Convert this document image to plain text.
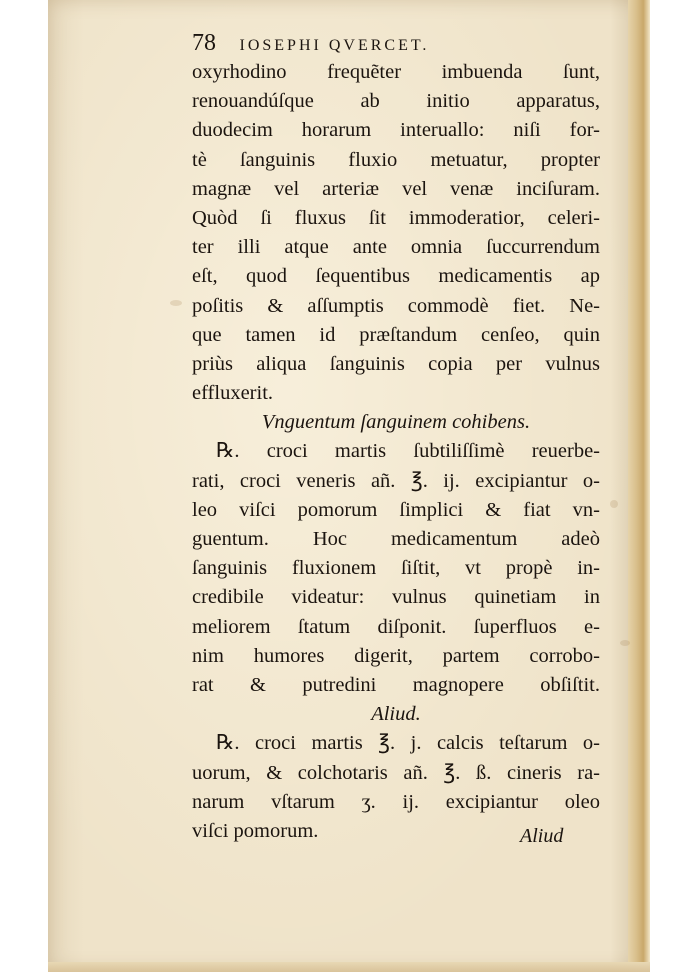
78 IOSEPHI QVERCET.
oxyrhodino frequẽter imbuenda ſunt,
renouandúſque ab initio apparatus,
duodecim horarum interuallo: niſi for-
tè ſanguinis fluxio metuatur, propter
magnæ vel arteriæ vel venæ inciſuram.
Quòd ſi fluxus ſit immoderatior, celeri-
ter illi atque ante omnia ſuccurrendum
eſt, quod ſequentibus medicamentis ap
poſitis & aſſumptis commodè fiet. Ne-
que tamen id præſtandum cenſeo, quin
priùs aliqua ſanguinis copia per vulnus
effluxerit.
Vnguentum ſanguinem cohibens.
℞. croci martis ſubtiliſſimè reuerbe-
rati, croci veneris añ. ℥. ij. excipiantur o-
leo viſci pomorum ſimplici & fiat vn-
guentum. Hoc medicamentum adeò
ſanguinis fluxionem ſiſtit, vt propè in-
credibile videatur: vulnus quinetiam in
meliorem ſtatum diſponit. ſuperfluos e-
nim humores digerit, partem corrobo-
rat & putredini magnopere obſiſtit.
Aliud.
℞. croci martis ℥. j. calcis teſtarum o-
uorum, & colchotaris añ. ℥. ß. cineris ra-
narum vſtarum ʒ. ij. excipiantur oleo
viſci pomorum.	Aliud
